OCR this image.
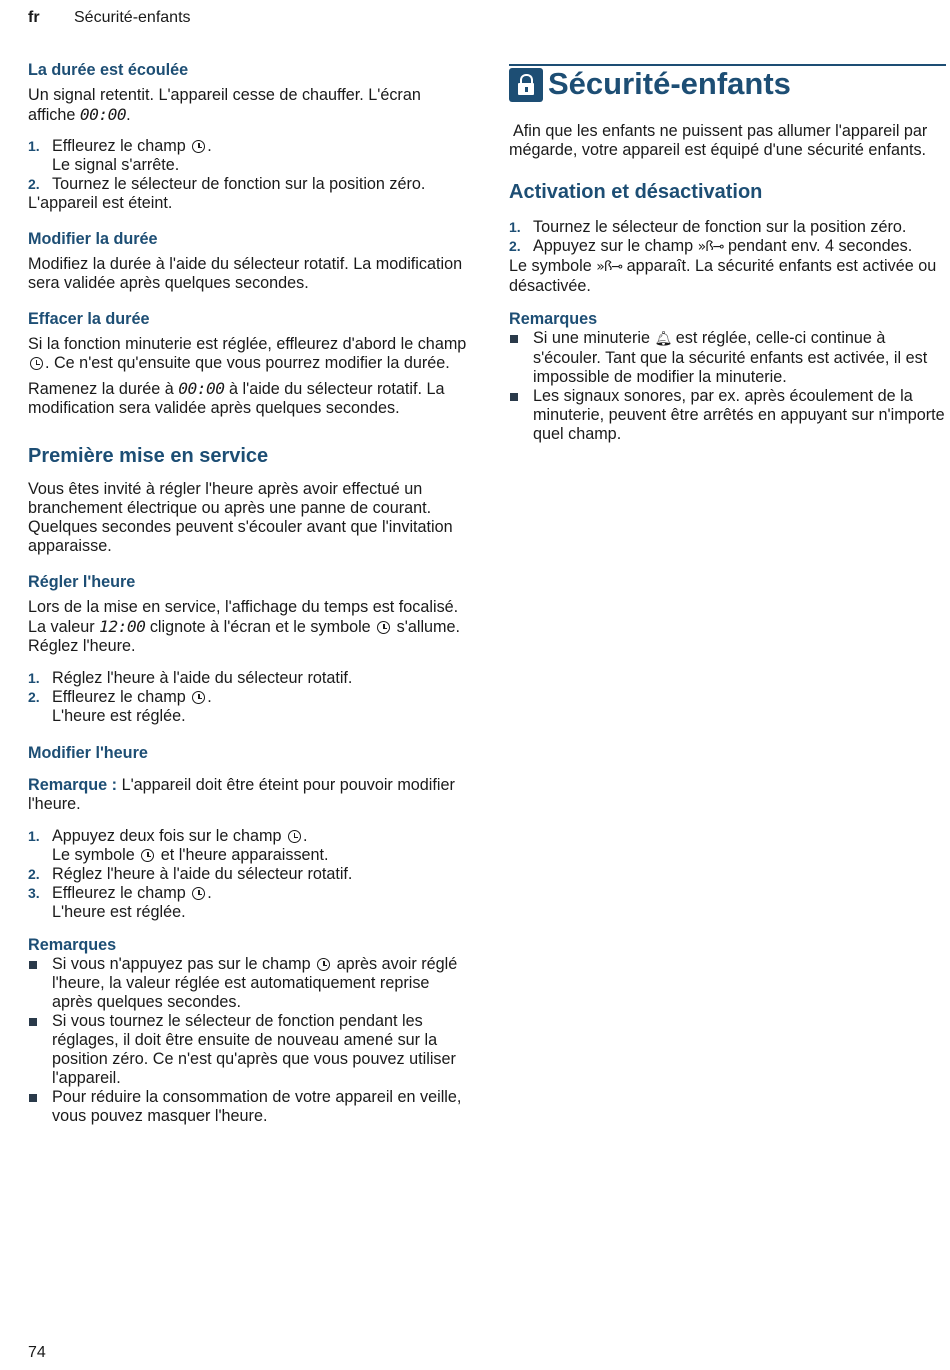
fr Sécurité-enfants
La durée est écoulée

Un signal retentit. L'appareil cesse de chauffer. L'écran affiche 00:00.

1. Effleurez le champ .
Le signal s'arrête.
2. Tournez le sélecteur de fonction sur la position zéro.

L'appareil est éteint.

Modifier la durée

Modifiez la durée à l'aide du sélecteur rotatif. La modification sera validée après quelques secondes.

Effacer la durée

Si la fonction minuterie est réglée, effleurez d'abord le champ . Ce n'est qu'ensuite que vous pourrez modifier la durée.

Ramenez la durée à 00:00 à l'aide du sélecteur rotatif. La modification sera validée après quelques secondes.

Première mise en service

Vous êtes invité à régler l'heure après avoir effectué un branchement électrique ou après une panne de courant. Quelques secondes peuvent s'écouler avant que l'invitation apparaisse.

Régler l'heure

Lors de la mise en service, l'affichage du temps est focalisé. La valeur 12:00 clignote à l'écran et le symbole s'allume. Réglez l'heure.

1. Réglez l'heure à l'aide du sélecteur rotatif.
2. Effleurez le champ .
L'heure est réglée.
Modifier l'heure

Remarque : L'appareil doit être éteint pour pouvoir modifier l'heure.

1. Appuyez deux fois sur le champ .
Le symbole et l'heure apparaissent.
2. Réglez l'heure à l'aide du sélecteur rotatif.
3. Effleurez le champ .
L'heure est réglée.
Remarques
Si vous n'appuyez pas sur le champ après avoir réglé l'heure, la valeur réglée est automatiquement reprise après quelques secondes.
Si vous tournez le sélecteur de fonction pendant les réglages, il doit être ensuite de nouveau amené sur la position zéro. Ce n'est qu'après que vous pouvez utiliser l'appareil.
Pour réduire la consommation de votre appareil en veille, vous pouvez masquer l'heure.
Sécurité-enfants

Afin que les enfants ne puissent pas allumer l'appareil par mégarde, votre appareil est équipé d'une sécurité enfants.

Activation et désactivation
1. Tournez le sélecteur de fonction sur la position zéro.
2. Appuyez sur le champ »ꟗ⊸ pendant env. 4 secondes.

Le symbole »ꟗ⊸ apparaît. La sécurité enfants est activée ou désactivée.

Remarques
Si une minuterie 🔔︎ est réglée, celle-ci continue à s'écouler. Tant que la sécurité enfants est activée, il est impossible de modifier la minuterie.
Les signaux sonores, par ex. après écoulement de la minuterie, peuvent être arrêtés en appuyant sur n'importe quel champ.
74
